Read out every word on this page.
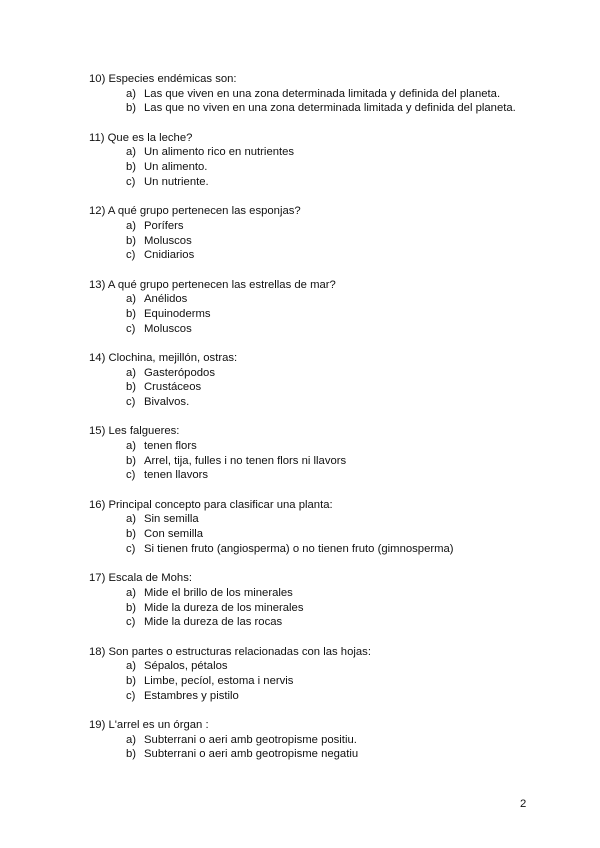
10) Especies endémicas son:
a) Las que viven en una zona determinada limitada y definida del planeta.

b) Las que no viven en una zona determinada limitada y definida del planeta.

11) Que es la leche?
a) Un alimento rico en nutrientes

b) Un alimento.

c) Un nutriente.

12) A qué grupo pertenecen las esponjas?
a) Porífers

b) Moluscos

c) Cnidiarios

13) A qué grupo pertenecen las estrellas de mar?
a) Anélidos

b) Equinoderms

c) Moluscos

14) Clochina, mejillón, ostras:
a) Gasterópodos

b) Crustáceos

c) Bivalvos.

15) Les falgueres:
a) tenen flors

b) Arrel, tija, fulles i no tenen flors ni llavors

c) tenen llavors

16) Principal concepto para clasificar una planta:
a) Sin semilla

b) Con semilla

c) Si tienen fruto (angiosperma) o no tienen fruto (gimnosperma)

17) Escala de Mohs:
a) Mide el brillo de los minerales

b) Mide la dureza de los minerales

c) Mide la dureza de las rocas

18) Son partes o estructuras relacionadas con las hojas:
a) Sépalos, pétalos

b) Limbe, pecíol, estoma i nervis

c) Estambres y pistilo

19) L'arrel es un órgan :
a) Subterrani o aeri amb geotropisme positiu.

b) Subterrani o aeri amb geotropisme negatiu

2
